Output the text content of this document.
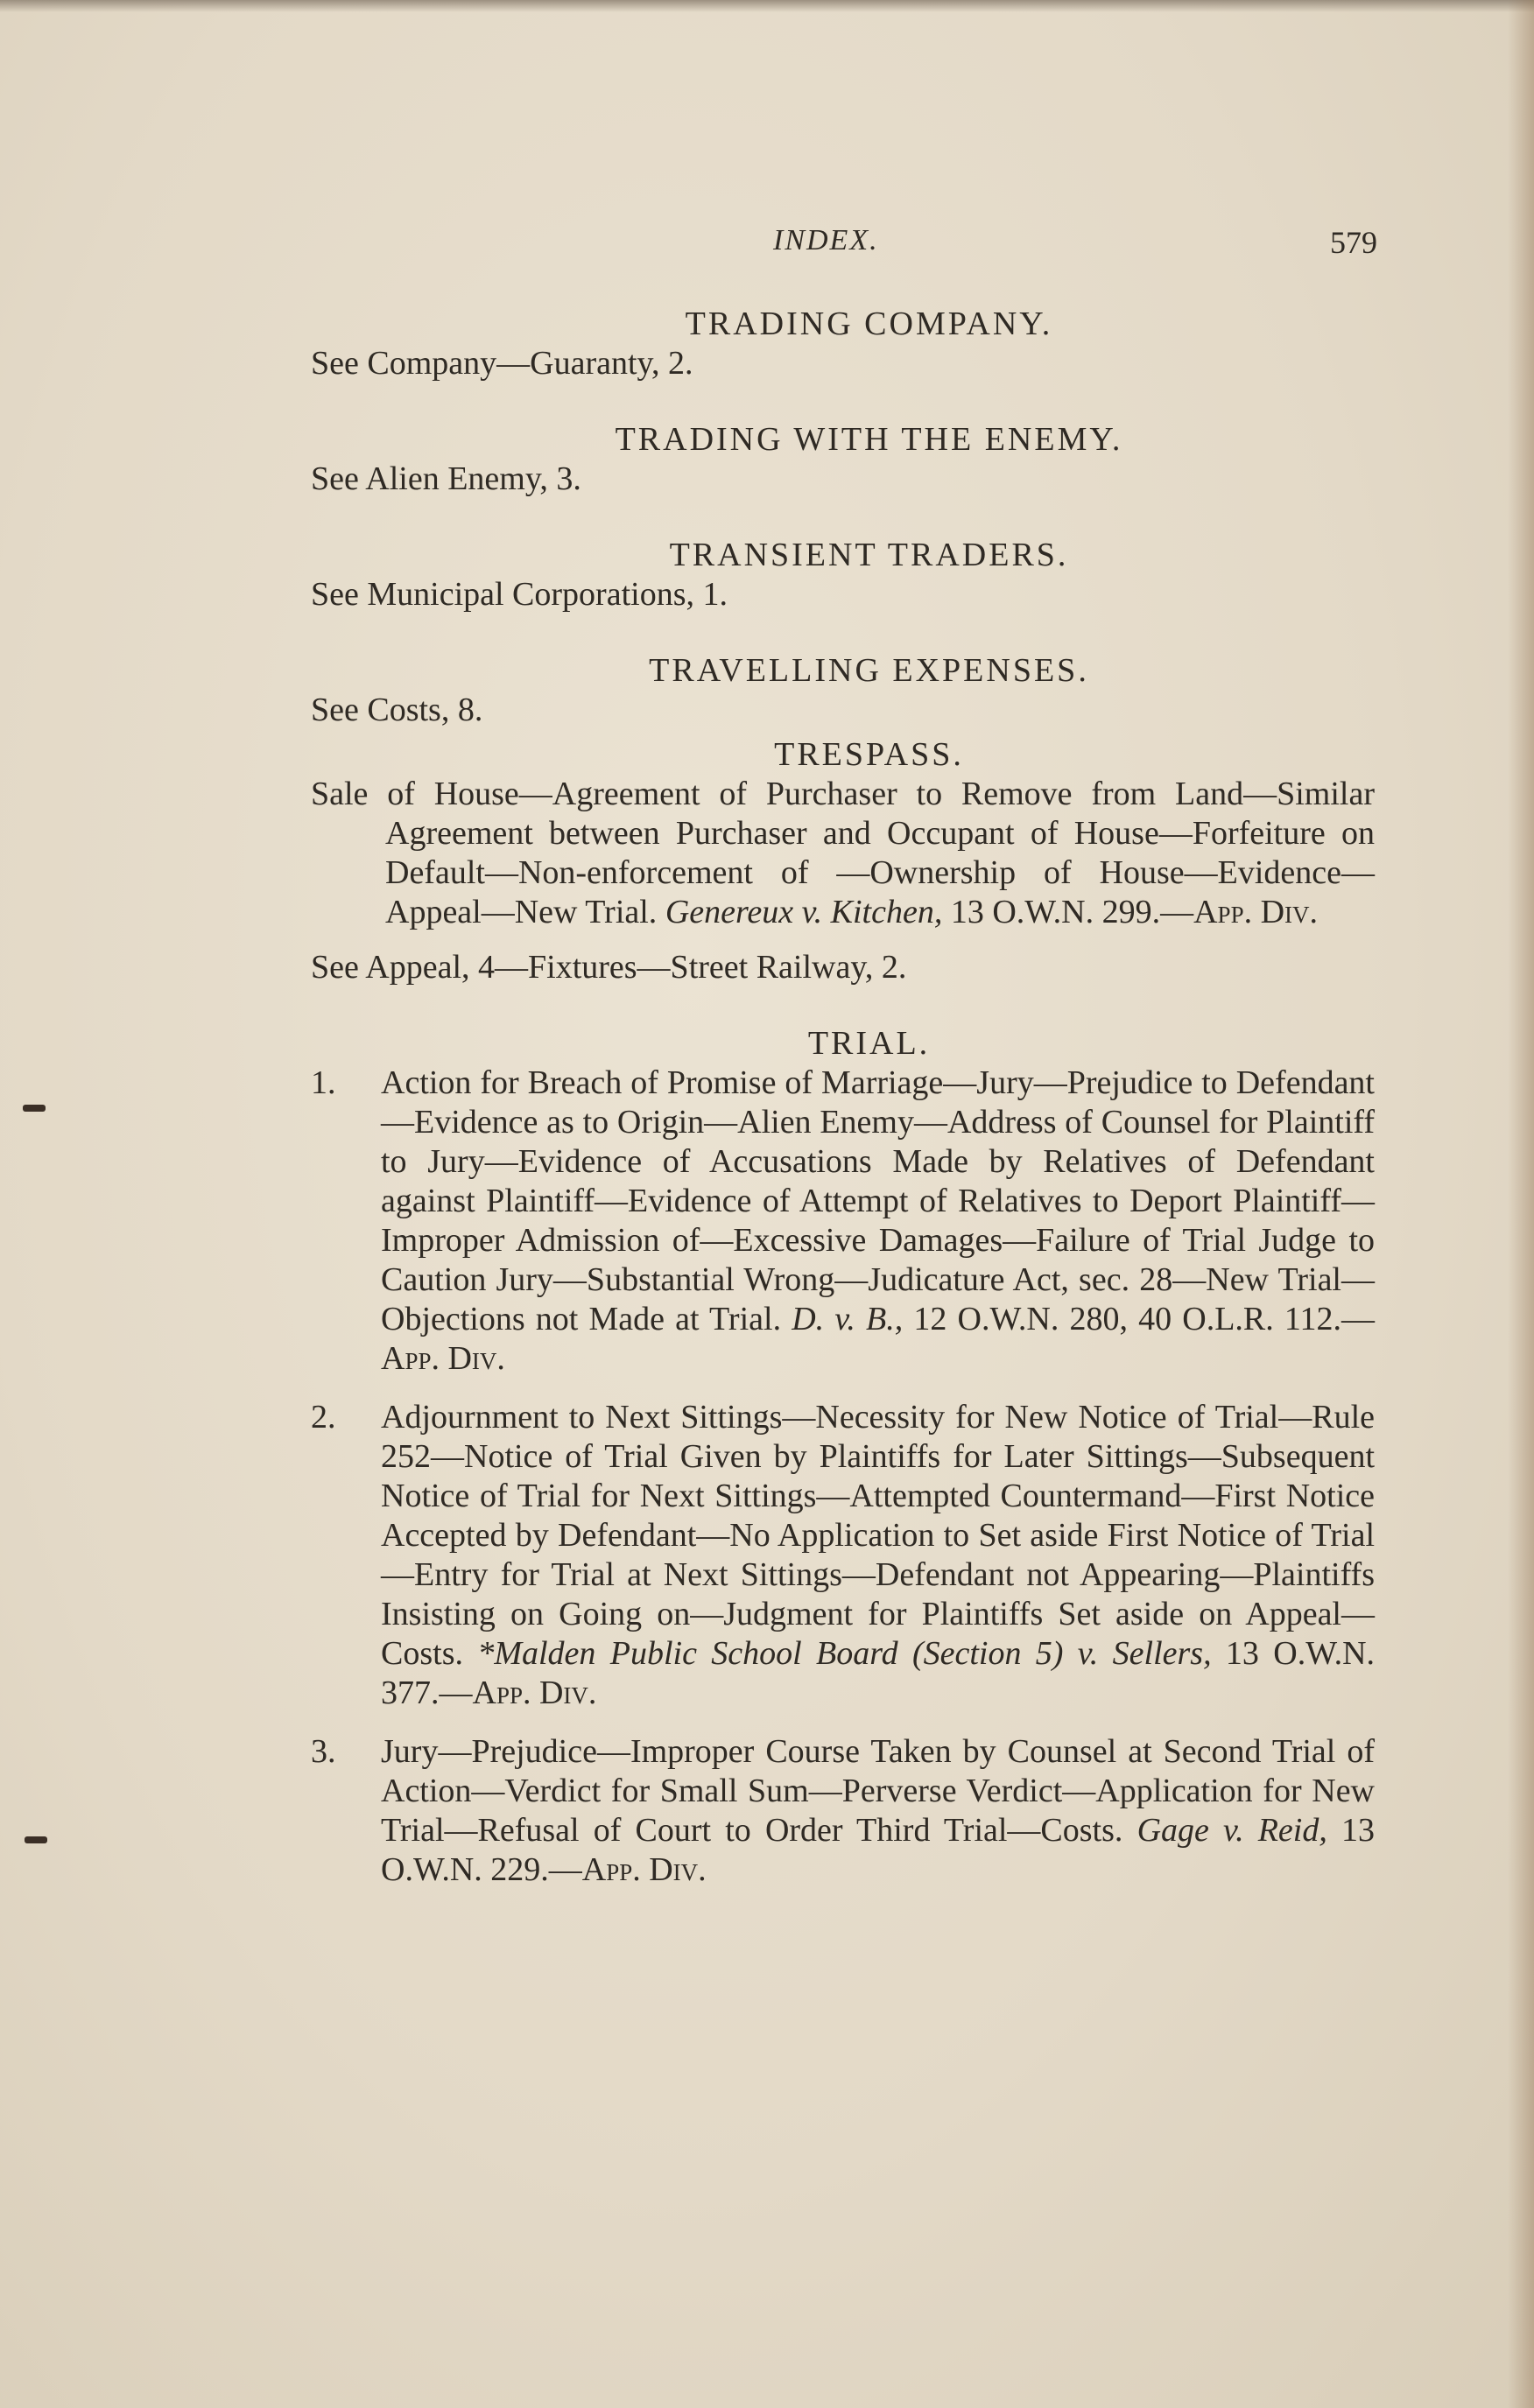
INDEX.	579
TRADING COMPANY.

See Company—Guaranty, 2.

TRADING WITH THE ENEMY.

See Alien Enemy, 3.

TRANSIENT TRADERS.

See Municipal Corporations, 1.

TRAVELLING EXPENSES.

See Costs, 8.

TRESPASS.

Sale of House—Agreement of Purchaser to Remove from Land—Similar Agreement between Purchaser and Occupant of House—Forfeiture on Default—Non-enforcement of —Ownership of House—Evidence—Appeal—New Trial. Genereux v. Kitchen, 13 O.W.N. 299.—App. Div.

See Appeal, 4—Fixtures—Street Railway, 2.

TRIAL.

1. Action for Breach of Promise of Marriage—Jury—Prejudice to Defendant—Evidence as to Origin—Alien Enemy—Address of Counsel for Plaintiff to Jury—Evidence of Accusations Made by Relatives of Defendant against Plaintiff—Evidence of Attempt of Relatives to Deport Plaintiff—Improper Admission of—Excessive Damages—Failure of Trial Judge to Caution Jury—Substantial Wrong—Judicature Act, sec. 28—New Trial—Objections not Made at Trial. D. v. B., 12 O.W.N. 280, 40 O.L.R. 112.—App. Div.

2. Adjournment to Next Sittings—Necessity for New Notice of Trial—Rule 252—Notice of Trial Given by Plaintiffs for Later Sittings—Subsequent Notice of Trial for Next Sittings—Attempted Countermand—First Notice Accepted by Defendant—No Application to Set aside First Notice of Trial—Entry for Trial at Next Sittings—Defendant not Appearing—Plaintiffs Insisting on Going on—Judgment for Plaintiffs Set aside on Appeal—Costs. *Malden Public School Board (Section 5) v. Sellers, 13 O.W.N. 377.—App. Div.

3. Jury—Prejudice—Improper Course Taken by Counsel at Second Trial of Action—Verdict for Small Sum—Perverse Verdict—Application for New Trial—Refusal of Court to Order Third Trial—Costs. Gage v. Reid, 13 O.W.N. 229.—App. Div.
